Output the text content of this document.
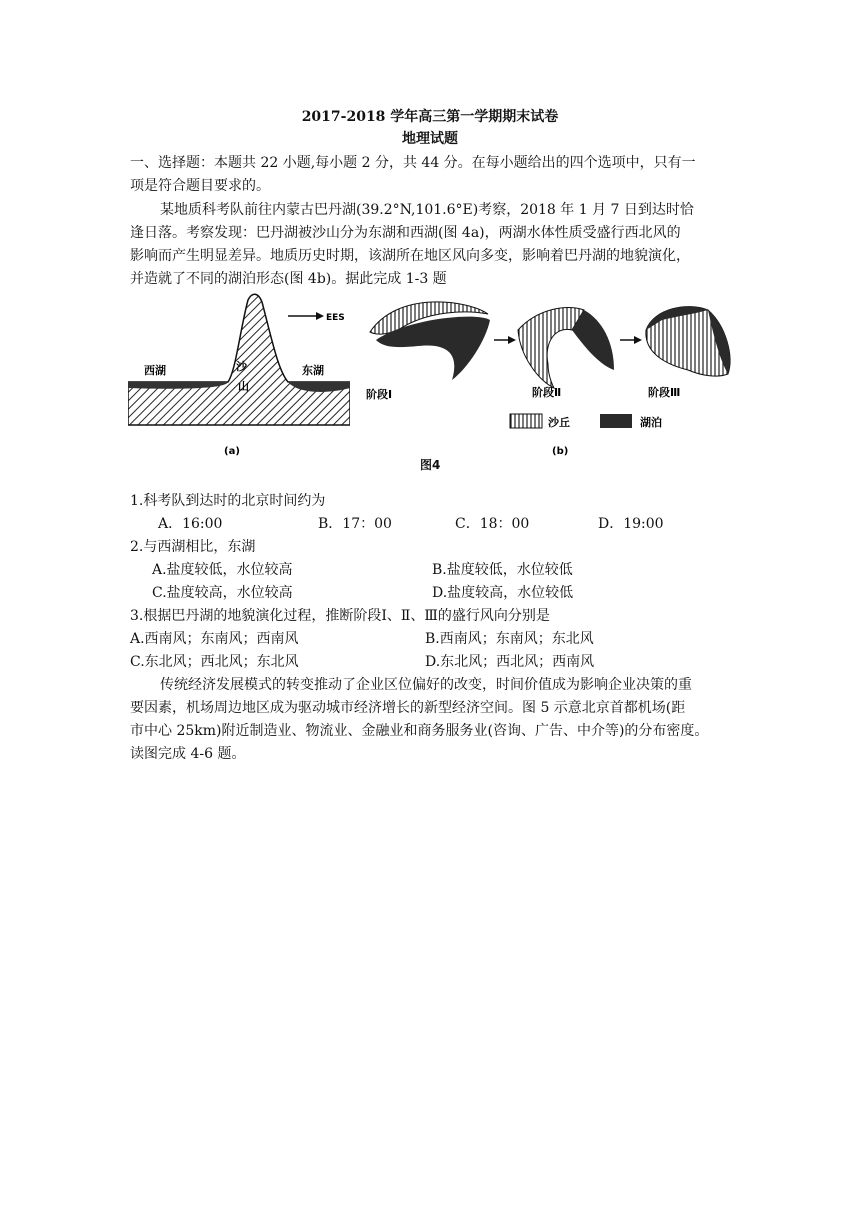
2017-2018 学年高三第一学期期末试卷
地理试题
一、选择题：本题共 22 小题,每小题 2 分，共 44 分。在每小题给出的四个选项中，只有一
项是符合题目要求的。
某地质科考队前往内蒙古巴丹湖(39.2°N,101.6°E)考察，2018 年 1 月 7 日到达时恰
逢日落。考察发现：巴丹湖被沙山分为东湖和西湖(图 4a)，两湖水体性质受盛行西北风的
影响而产生明显差异。地质历史时期，该湖所在地区风向多变，影响着巴丹湖的地貌演化，
并造就了不同的湖泊形态(图 4b)。据此完成 1-3 题
EES
西湖	沙
山
东湖
(a)
阶段Ⅰ	阶段Ⅱ	阶段Ⅲ
沙丘	湖泊
(b)
图4
1.科考队到达时的北京时间约为
A．16:00	B．17：00	C．18：00	D．19:00
2.与西湖相比，东湖
A.盐度较低，水位较高	B.盐度较低，水位较低
C.盐度较高，水位较高	D.盐度较高，水位较低
3.根据巴丹湖的地貌演化过程，推断阶段Ⅰ、Ⅱ、Ⅲ的盛行风向分别是
A.西南风；东南风；西南风	B.西南风；东南风；东北风
C.东北风；西北风；东北风	D.东北风；西北风；西南风
传统经济发展模式的转变推动了企业区位偏好的改变，时间价值成为影响企业决策的重
要因素，机场周边地区成为驱动城市经济增长的新型经济空间。图 5 示意北京首都机场(距
市中心 25km)附近制造业、物流业、金融业和商务服务业(咨询、广告、中介等)的分布密度。
读图完成 4-6 题。
